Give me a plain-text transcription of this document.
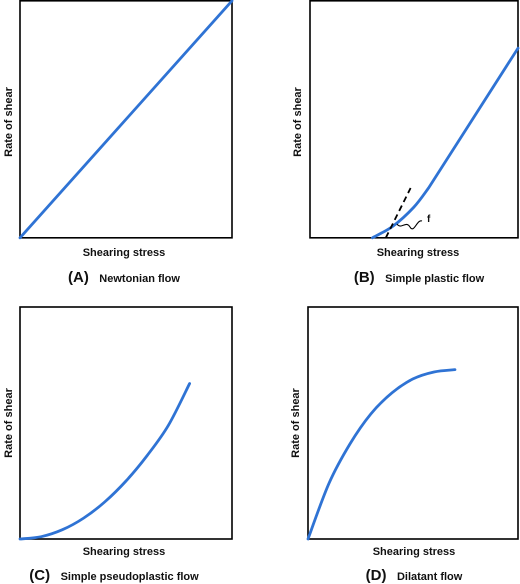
Shearing stress
Rate of shear
(A) Newtonian flow
f
Shearing stress
Rate of shear
(B) Simple plastic flow
Shearing stress
Rate of shear
(C) Simple pseudoplastic flow
Shearing stress
Rate of shear
(D) Dilatant flow
